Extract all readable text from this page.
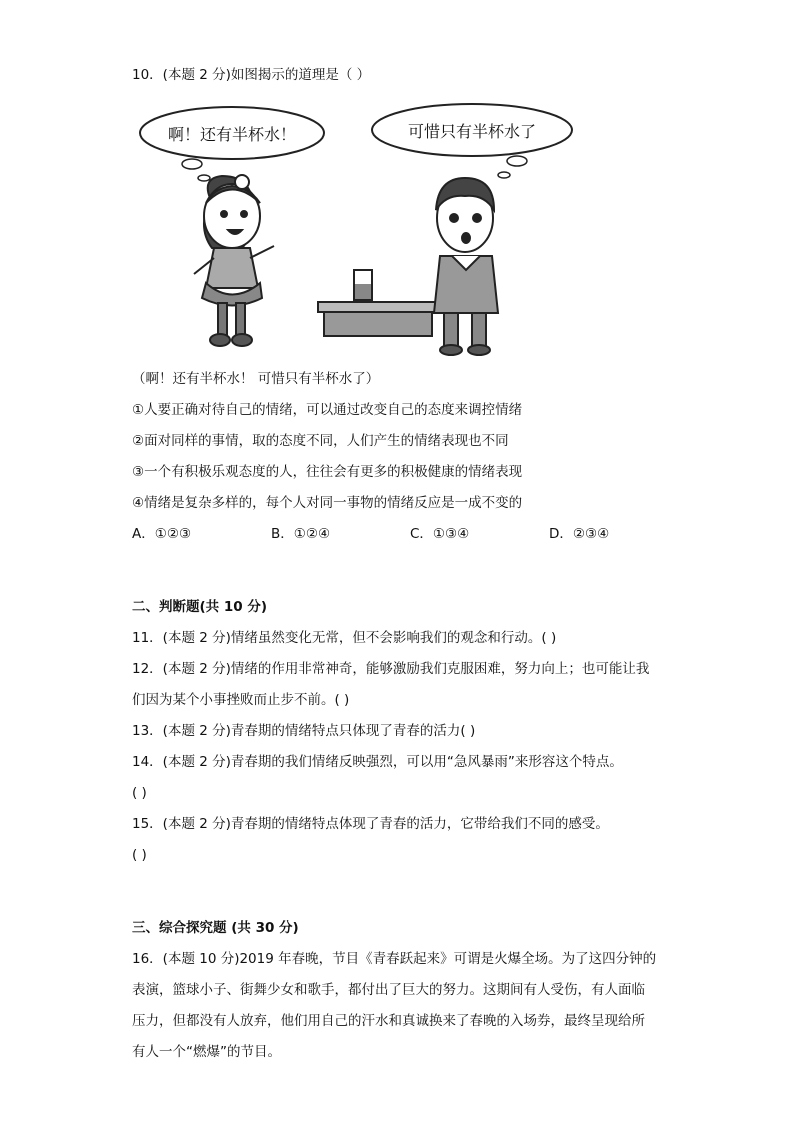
10．(本题 2 分)如图揭示的道理是（ ）
啊！还有半杯水！	可惜只有半杯水了
（啊！还有半杯水！ 可惜只有半杯水了）
①人要正确对待自己的情绪，可以通过改变自己的态度来调控情绪
②面对同样的事情，取的态度不同，人们产生的情绪表现也不同
③一个有积极乐观态度的人，往往会有更多的积极健康的情绪表现
④情绪是复杂多样的，每个人对同一事物的情绪反应是一成不变的
A．①②③	B．①②④	C．①③④	D．②③④
二、判断题(共 10 分)
11．(本题 2 分)情绪虽然变化无常，但不会影响我们的观念和行动。( )
12．(本题 2 分)情绪的作用非常神奇，能够激励我们克服困难，努力向上；也可能让我
们因为某个小事挫败而止步不前。( )
13．(本题 2 分)青春期的情绪特点只体现了青春的活力( )
14．(本题 2 分)青春期的我们情绪反映强烈，可以用“急风暴雨”来形容这个特点。
( )
15．(本题 2 分)青春期的情绪特点体现了青春的活力，它带给我们不同的感受。
( )
三、综合探究题 (共 30 分)
16．(本题 10 分)2019 年春晚，节目《青春跃起来》可谓是火爆全场。为了这四分钟的
表演，篮球小子、街舞少女和歌手，都付出了巨大的努力。这期间有人受伤，有人面临
压力，但都没有人放弃，他们用自己的汗水和真诚换来了春晚的入场券，最终呈现给所
有人一个“燃爆”的节目。
